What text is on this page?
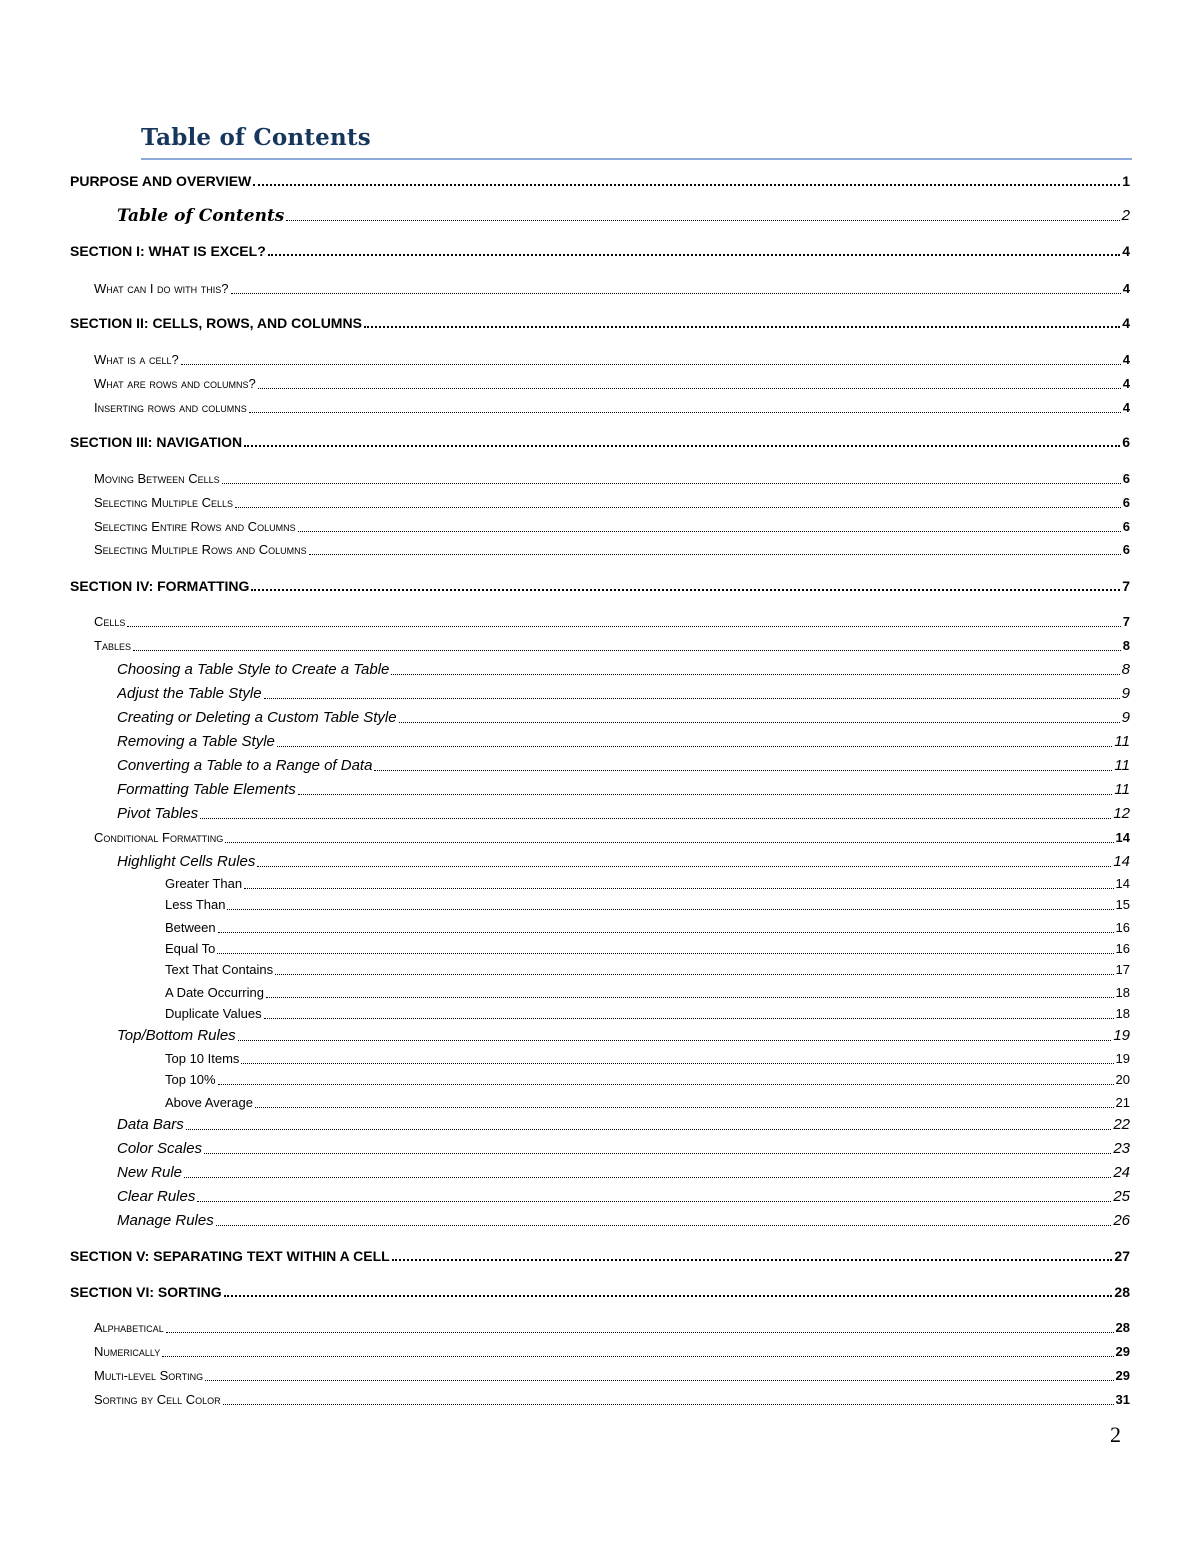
Table of Contents
PURPOSE AND OVERVIEW	1
Table of Contents	2
SECTION I: WHAT IS EXCEL?	4
What can I do with this?	4
SECTION II: CELLS, ROWS, AND COLUMNS	4
What is a cell?	4
What are rows and columns?	4
Inserting rows and columns	4
SECTION III: NAVIGATION	6
Moving Between Cells	6
Selecting Multiple Cells	6
Selecting Entire Rows and Columns	6
Selecting Multiple Rows and Columns	6
SECTION IV: FORMATTING	7
Cells	7
Tables	8
Choosing a Table Style to Create a Table	8
Adjust the Table Style	9
Creating or Deleting a Custom Table Style	9
Removing a Table Style	11
Converting a Table to a Range of Data	11
Formatting Table Elements	11
Pivot Tables	12
Conditional Formatting	14
Highlight Cells Rules	14
Greater Than	14
Less Than	15
Between	16
Equal To	16
Text That Contains	17
A Date Occurring	18
Duplicate Values	18
Top/Bottom Rules	19
Top 10 Items	19
Top 10%	20
Above Average	21
Data Bars	22
Color Scales	23
New Rule	24
Clear Rules	25
Manage Rules	26
SECTION V: SEPARATING TEXT WITHIN A CELL	27
SECTION VI: SORTING	28
Alphabetical	28
Numerically	29
Multi-level Sorting	29
Sorting by Cell Color	31
2
